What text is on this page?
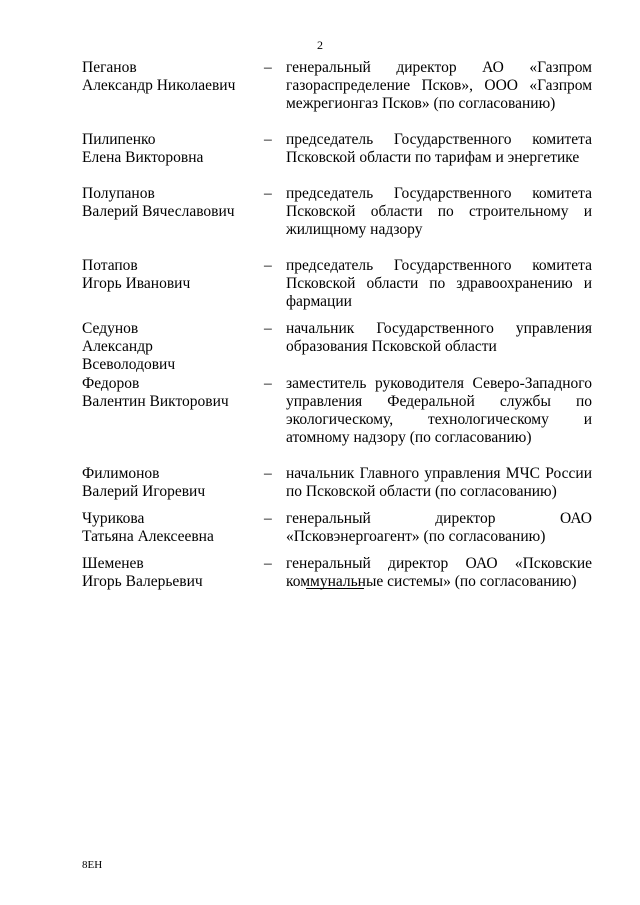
2
Пеганов
Александр Николаевич
– генеральный директор АО «Газпром газораспределение Псков», ООО «Газпром межрегионгаз Псков» (по согласованию)
Пилипенко
Елена Викторовна
– председатель Государственного комитета Псковской области по тарифам и энергетике
Полупанов
Валерий Вячеславович
– председатель Государственного комитета Псковской области по строительному и жилищному надзору
Потапов
Игорь Иванович
– председатель Государственного комитета Псковской области по здравоохранению и фармации
Седунов
Александр
Всеволодович
– начальник Государственного управления образования Псковской области
Федоров
Валентин Викторович
– заместитель руководителя Северо-Западного управления Федеральной службы по экологическому, технологическому и атомному надзору (по согласованию)
Филимонов
Валерий Игоревич
– начальник Главного управления МЧС России по Псковской области (по согласованию)
Чурикова
Татьяна Алексеевна
– генеральный директор ОАО «Псковэнергоагент» (по согласованию)
Шеменев
Игорь Валерьевич
– генеральный директор ОАО «Псковские коммунальные системы» (по согласованию)
8ЕН
